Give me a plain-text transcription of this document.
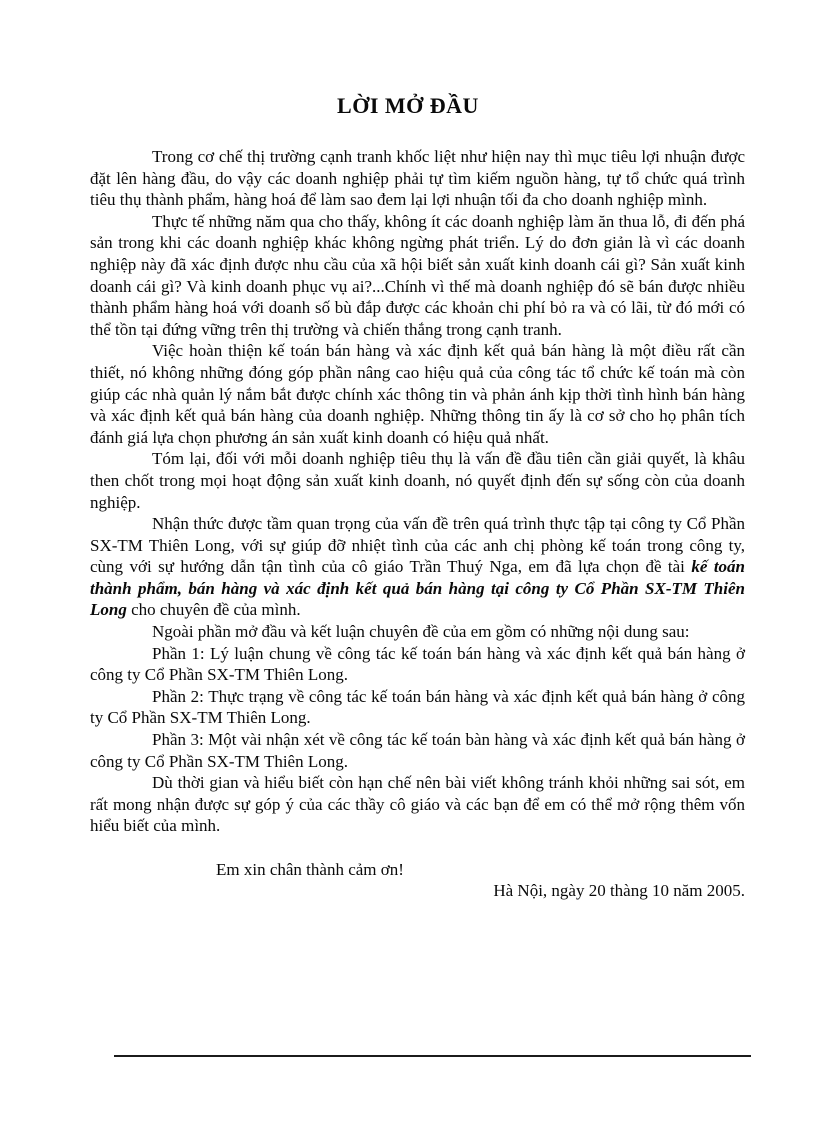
LỜI MỞ ĐẦU

Trong cơ chế thị trường cạnh tranh khốc liệt như hiện nay thì mục tiêu lợi nhuận được đặt lên hàng đầu, do vậy các doanh nghiệp phải tự tìm kiếm nguồn hàng, tự tổ chức quá trình tiêu thụ thành phẩm, hàng hoá để làm sao đem lại lợi nhuận tối đa cho doanh nghiệp mình.

Thực tế những năm qua cho thấy, không ít các doanh nghiệp làm ăn thua lỗ, đi đến phá sản trong khi các doanh nghiệp khác không ngừng phát triển. Lý do đơn giản là vì các doanh nghiệp này đã xác định được nhu cầu của xã hội biết sản xuất kinh doanh cái gì? Sản xuất kinh doanh cái gì? Và kinh doanh phục vụ ai?...Chính vì thế mà doanh nghiệp đó sẽ bán được nhiều thành phẩm hàng hoá với doanh số bù đắp được các khoản chi phí bỏ ra và có lãi, từ đó mới có thể tồn tại đứng vững trên thị trường và chiến thắng trong cạnh tranh.

Việc hoàn thiện kế toán bán hàng và xác định kết quả bán hàng là một điều rất cần thiết, nó không những đóng góp phần nâng cao hiệu quả của công tác tổ chức kế toán mà còn giúp các nhà quản lý nắm bắt được chính xác thông tin và phản ánh kịp thời tình hình bán hàng và xác định kết quả bán hàng của doanh nghiệp. Những thông tin ấy là cơ sở cho họ phân tích đánh giá lựa chọn phương án sản xuất kinh doanh có hiệu quả nhất.

Tóm lại, đối với mỗi doanh nghiệp tiêu thụ là vấn đề đầu tiên cần giải quyết, là khâu then chốt trong mọi hoạt động sản xuất kinh doanh, nó quyết định đến sự sống còn của doanh nghiệp.

Nhận thức được tầm quan trọng của vấn đề trên quá trình thực tập tại công ty Cổ Phần SX-TM Thiên Long, với sự giúp đỡ nhiệt tình của các anh chị phòng kế toán trong công ty, cùng với sự hướng dẫn tận tình của cô giáo Trần Thuý Nga, em đã lựa chọn đề tài kế toán thành phẩm, bán hàng và xác định kết quả bán hàng tại công ty Cổ Phần SX-TM Thiên Long cho chuyên đề của mình.

Ngoài phần mở đầu và kết luận chuyên đề của em gồm có những nội dung sau:

Phần 1: Lý luận chung về công tác kế toán bán hàng và xác định kết quả bán hàng ở công ty Cổ Phần SX-TM Thiên Long.

Phần 2: Thực trạng về công tác kế toán bán hàng và xác định kết quả bán hàng ở công ty Cổ Phần SX-TM Thiên Long.

Phần 3: Một vài nhận xét về công tác kế toán bàn hàng và xác định kết quả bán hàng ở công ty Cổ Phần SX-TM Thiên Long.

Dù thời gian và hiểu biết còn hạn chế nên bài viết không tránh khỏi những sai sót, em rất mong nhận được sự góp ý của các thầy cô giáo và các bạn để em có thể mở rộng thêm vốn hiểu biết của mình.

Em xin chân thành cảm ơn!

Hà Nội, ngày 20 thàng 10 năm 2005.
